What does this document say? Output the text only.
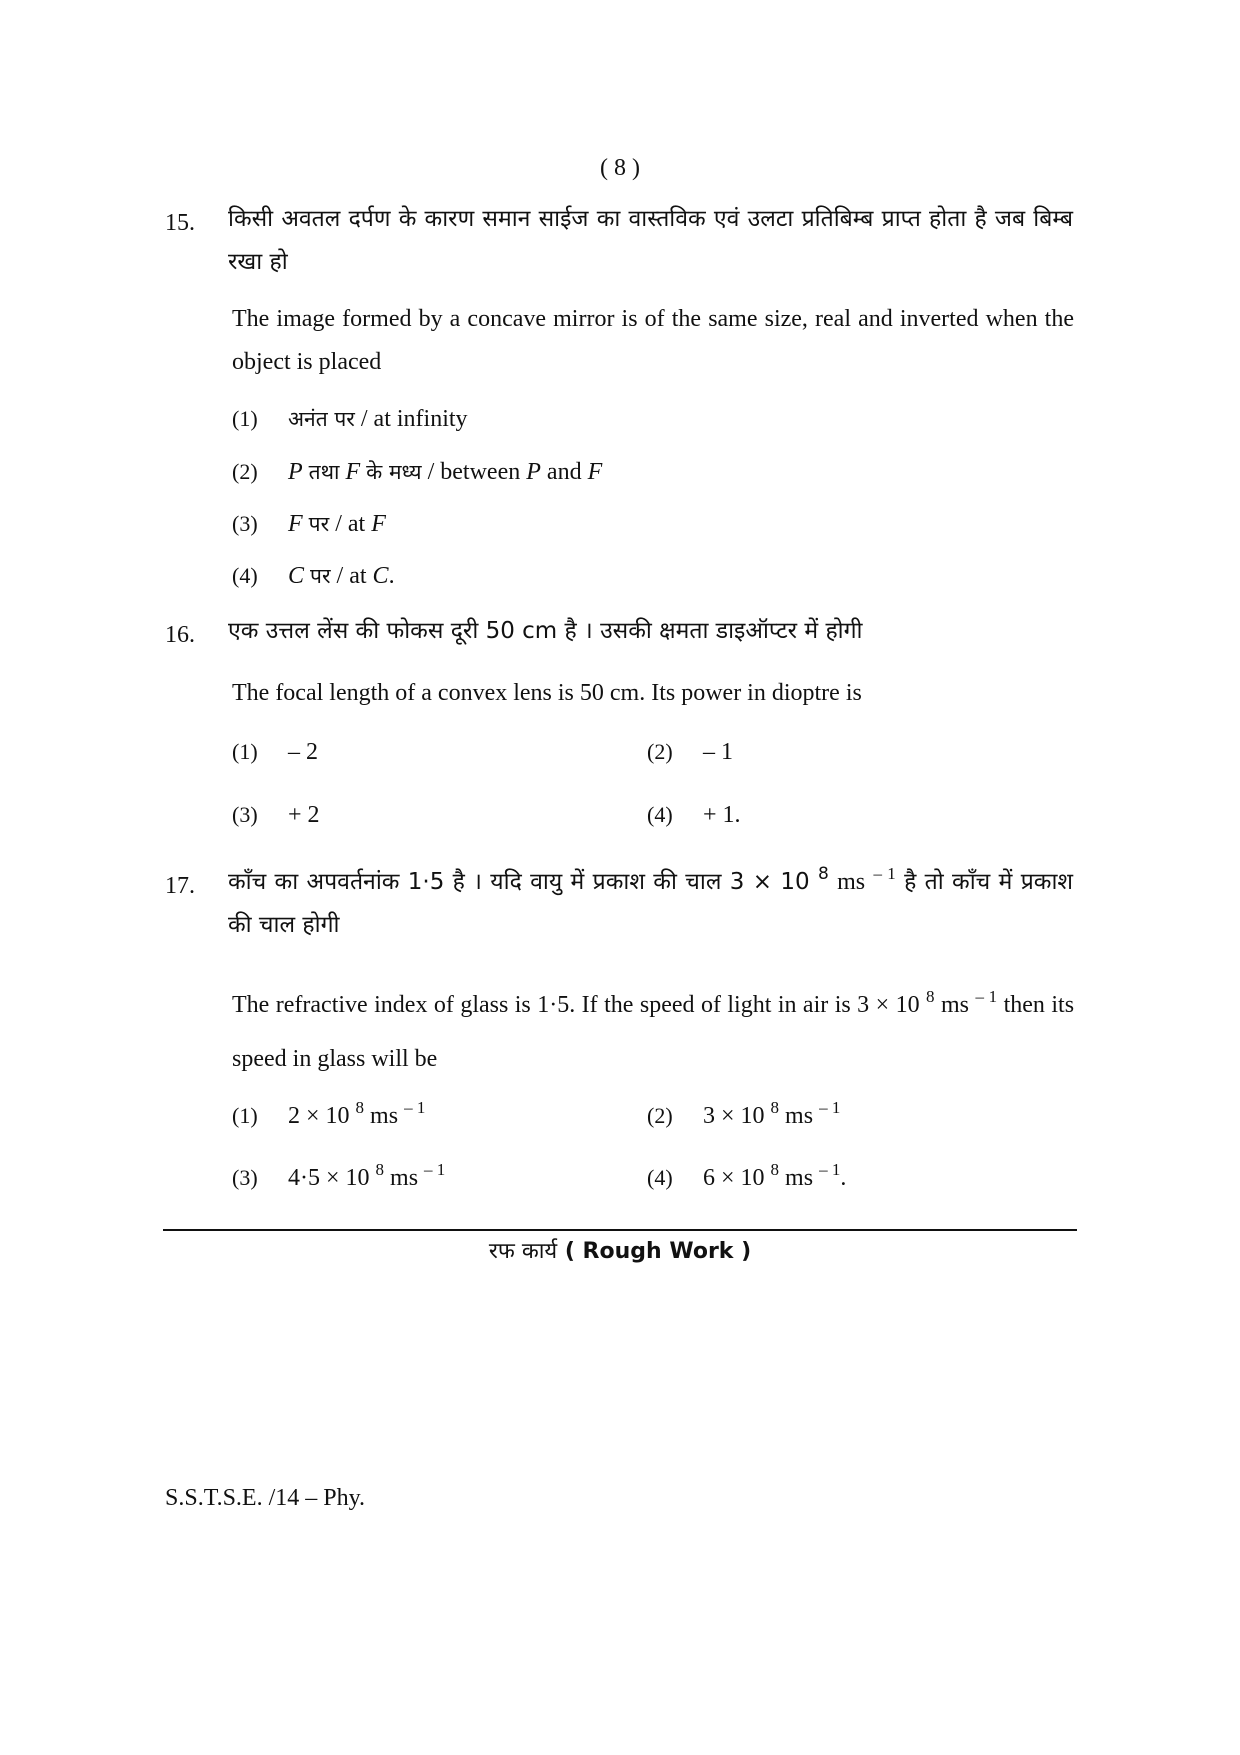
( 8 )
15.	किसी अवतल दर्पण के कारण समान साईज का वास्तविक एवं उलटा प्रतिबिम्ब प्राप्त होता है जब बिम्ब रखा हो
The image formed by a concave mirror is of the same size, real and inverted when the object is placed
(1) अनंत पर / at infinity
(2) P तथा F के मध्य / between P and F
(3) F पर / at F
(4) C पर / at C.
16.	एक उत्तल लेंस की फोकस दूरी 50 cm है । उसकी क्षमता डाइऑप्टर में होगी
The focal length of a convex lens is 50 cm. Its power in dioptre is
(1) – 2	(2) – 1
(3) + 2	(4) + 1.
17.	काँच का अपवर्तनांक 1·5 है । यदि वायु में प्रकाश की चाल 3 × 10 $^8$ ms $^{- 1}$ है तो काँच में प्रकाश की चाल होगी
The refractive index of glass is 1·5. If the speed of light in air is 3 × 10 $^8$ ms $^{- 1}$ then its speed in glass will be
(1) 2 × 10 $^8$ ms $^{- 1}$	(2) 3 × 10 $^8$ ms $^{- 1}$
(3) 4·5 × 10 $^8$ ms $^{- 1}$	(4) 6 × 10 $^8$ ms $^{- 1}$.
रफ कार्य ( Rough Work )
S.S.T.S.E. /14 – Phy.
